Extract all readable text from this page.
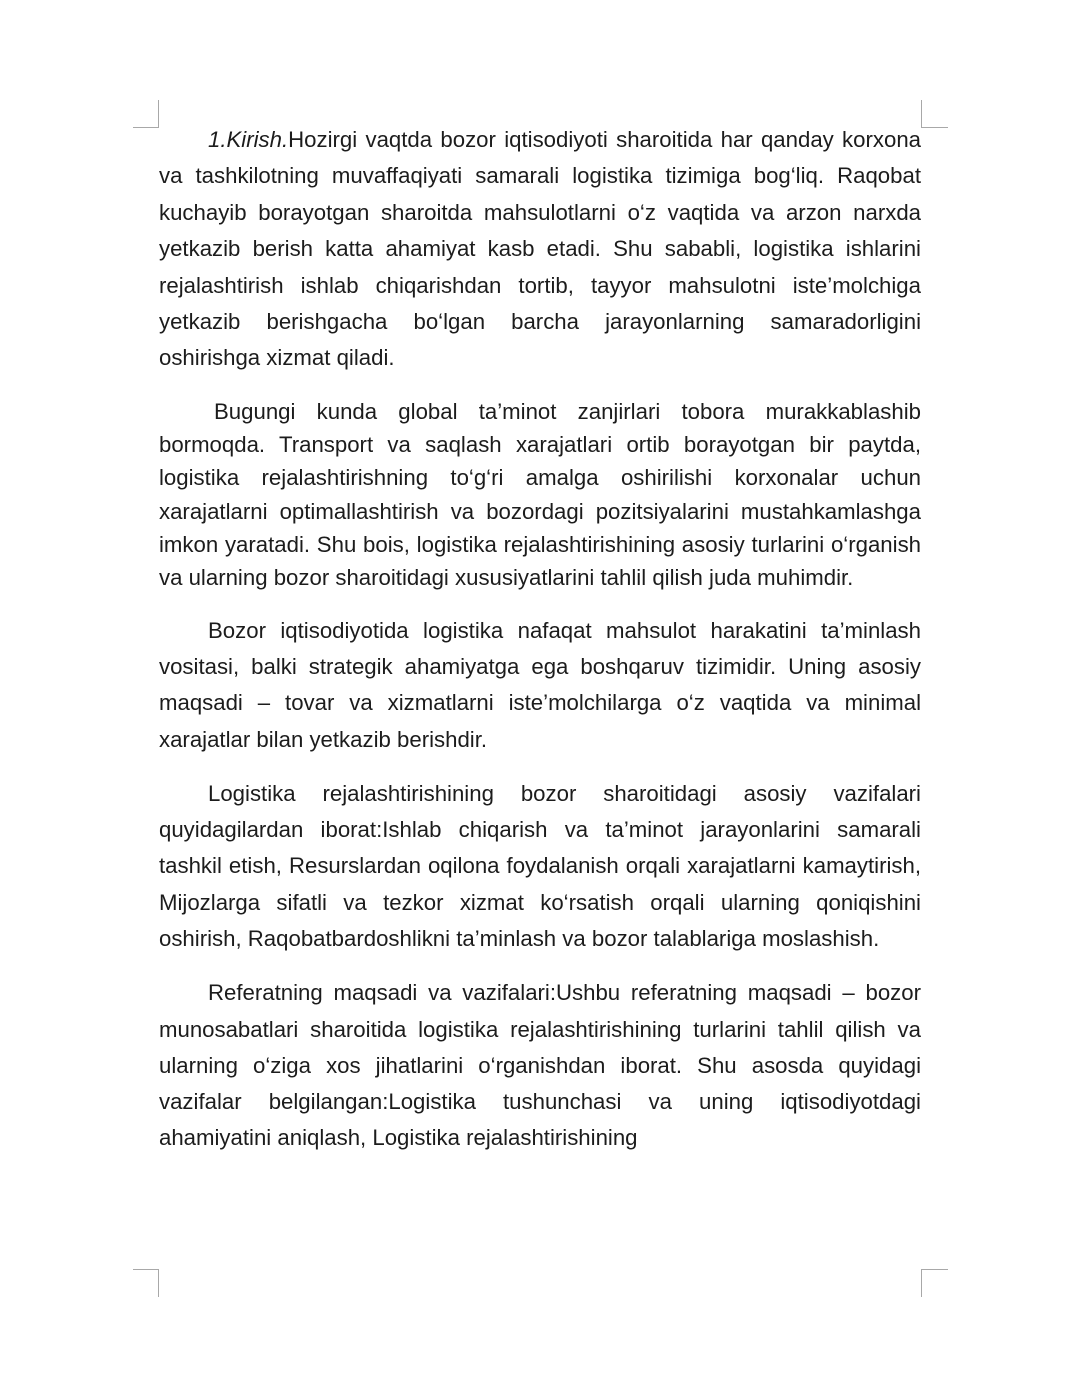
1.Kirish.Hozirgi vaqtda bozor iqtisodiyoti sharoitida har qanday korxona va tashkilotning muvaffaqiyati samarali logistika tizimiga bog‘liq. Raqobat kuchayib borayotgan sharoitda mahsulotlarni o‘z vaqtida va arzon narxda yetkazib berish katta ahamiyat kasb etadi. Shu sababli, logistika ishlarini rejalashtirish ishlab chiqarishdan tortib, tayyor mahsulotni iste’molchiga yetkazib berishgacha bo‘lgan barcha jarayonlarning samaradorligini oshirishga xizmat qiladi.

Bugungi kunda global ta’minot zanjirlari tobora murakkablashib bormoqda. Transport va saqlash xarajatlari ortib borayotgan bir paytda, logistika rejalashtirishning to‘g‘ri amalga oshirilishi korxonalar uchun xarajatlarni optimallashtirish va bozordagi pozitsiyalarini mustahkamlashga imkon yaratadi. Shu bois, logistika rejalashtirishining asosiy turlarini o‘rganish va ularning bozor sharoitidagi xususiyatlarini tahlil qilish juda muhimdir.

Bozor iqtisodiyotida logistika nafaqat mahsulot harakatini ta’minlash vositasi, balki strategik ahamiyatga ega boshqaruv tizimidir. Uning asosiy maqsadi – tovar va xizmatlarni iste’molchilarga o‘z vaqtida va minimal xarajatlar bilan yetkazib berishdir.

Logistika rejalashtirishining bozor sharoitidagi asosiy vazifalari quyidagilardan iborat:Ishlab chiqarish va ta’minot jarayonlarini samarali tashkil etish, Resurslardan oqilona foydalanish orqali xarajatlarni kamaytirish, Mijozlarga sifatli va tezkor xizmat ko‘rsatish orqali ularning qoniqishini oshirish, Raqobatbardoshlikni ta’minlash va bozor talablariga moslashish.

Referatning maqsadi va vazifalari:Ushbu referatning maqsadi – bozor munosabatlari sharoitida logistika rejalashtirishining turlarini tahlil qilish va ularning o‘ziga xos jihatlarini o‘rganishdan iborat. Shu asosda quyidagi vazifalar belgilangan:Logistika tushunchasi va uning iqtisodiyotdagi ahamiyatini aniqlash, Logistika rejalashtirishining
